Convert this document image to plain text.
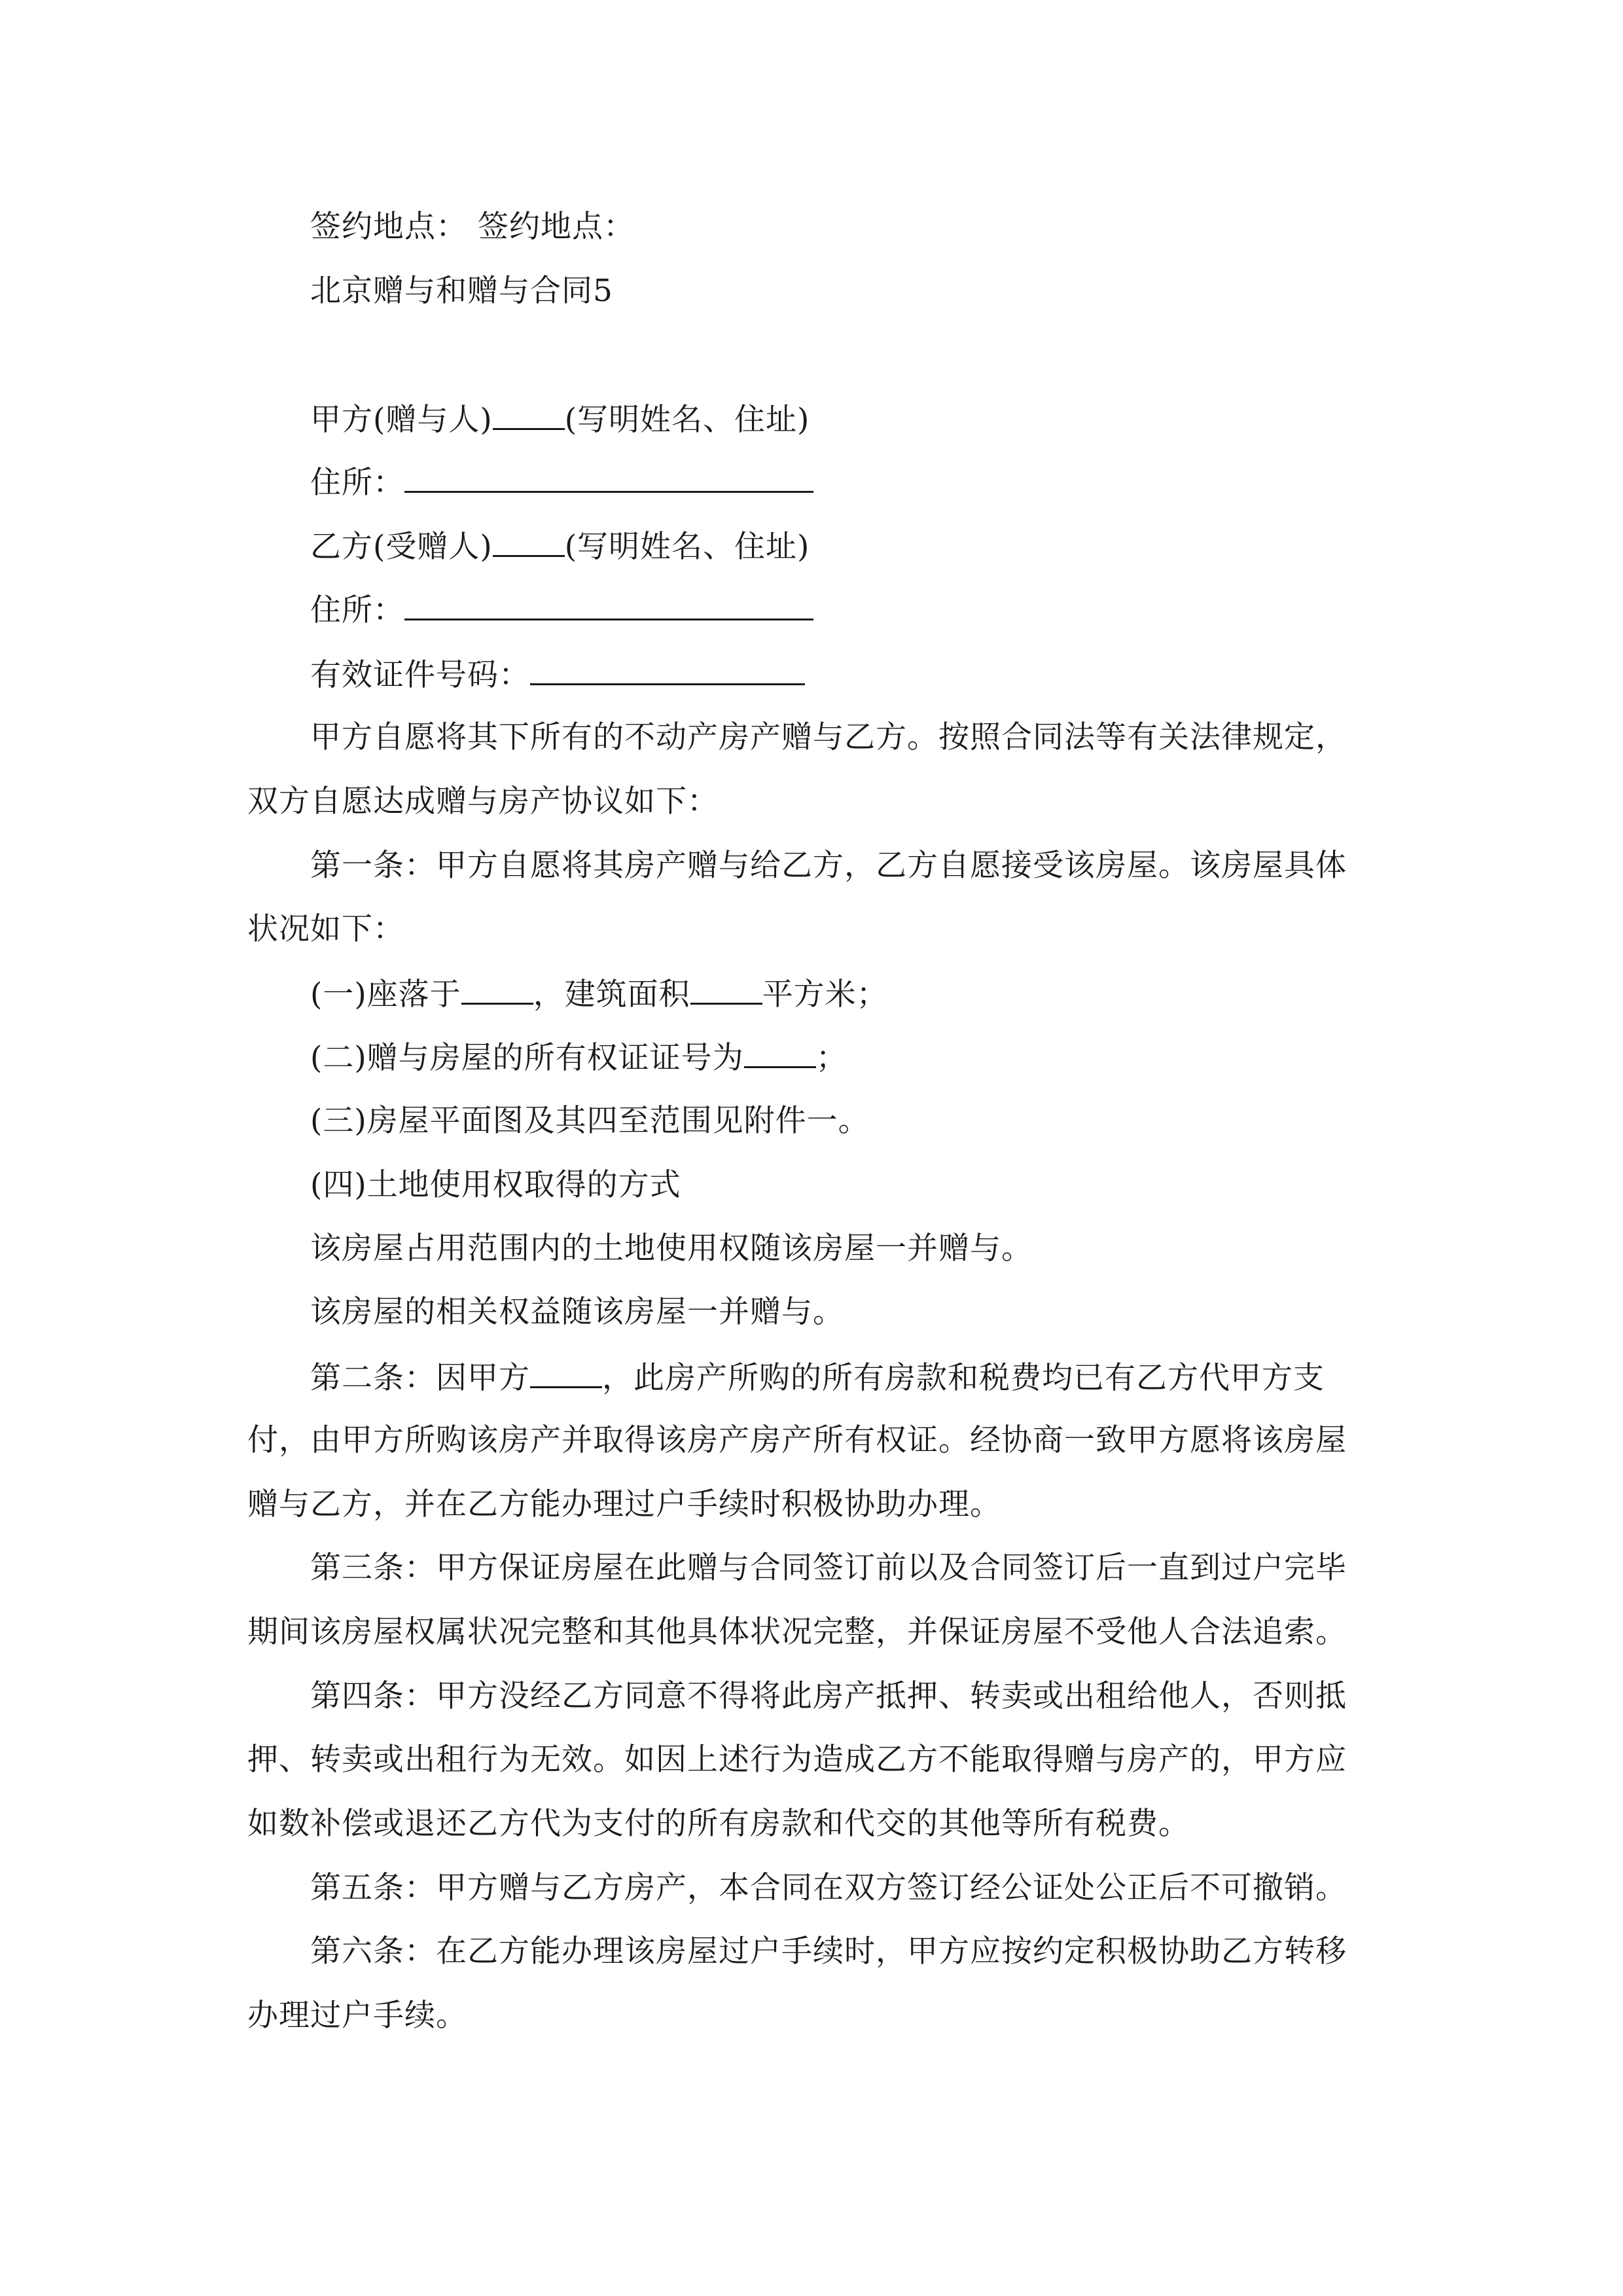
签约地点： 签约地点：
北京赠与和赠与合同5
甲方(赠与人) (写明姓名、住址)
住所：
乙方(受赠人) (写明姓名、住址)
住所：
有效证件号码：
甲方自愿将其下所有的不动产房产赠与乙方。按照合同法等有关法律规定，
双方自愿达成赠与房产协议如下：
第一条：甲方自愿将其房产赠与给乙方，乙方自愿接受该房屋。该房屋具体
状况如下：
(一)座落于 ，建筑面积 平方米；
(二)赠与房屋的所有权证证号为 ；
(三)房屋平面图及其四至范围见附件一。
(四)土地使用权取得的方式
该房屋占用范围内的土地使用权随该房屋一并赠与。
该房屋的相关权益随该房屋一并赠与。
第二条：因甲方 ，此房产所购的所有房款和税费均已有乙方代甲方支
付，由甲方所购该房产并取得该房产房产所有权证。经协商一致甲方愿将该房屋
赠与乙方，并在乙方能办理过户手续时积极协助办理。
第三条：甲方保证房屋在此赠与合同签订前以及合同签订后一直到过户完毕
期间该房屋权属状况完整和其他具体状况完整，并保证房屋不受他人合法追索。
第四条：甲方没经乙方同意不得将此房产抵押、转卖或出租给他人，否则抵
押、转卖或出租行为无效。如因上述行为造成乙方不能取得赠与房产的，甲方应
如数补偿或退还乙方代为支付的所有房款和代交的其他等所有税费。
第五条：甲方赠与乙方房产，本合同在双方签订经公证处公正后不可撤销。
第六条：在乙方能办理该房屋过户手续时，甲方应按约定积极协助乙方转移
办理过户手续。
